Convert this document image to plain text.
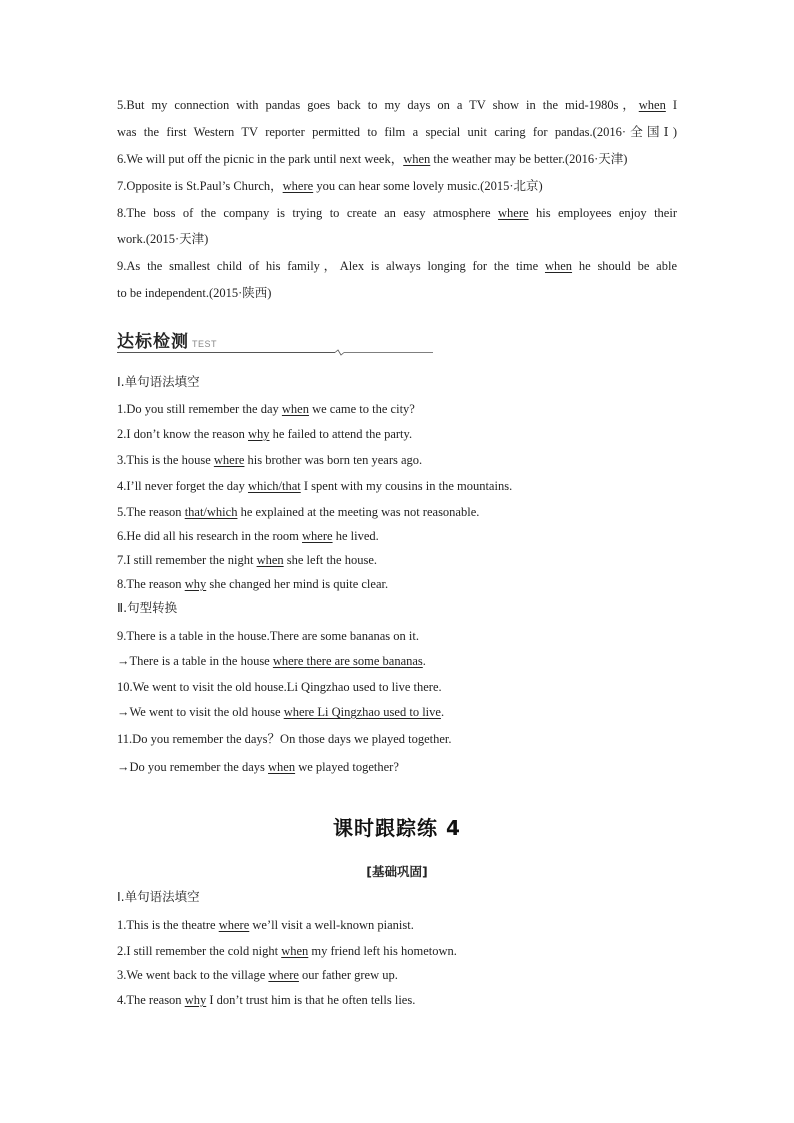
5.But my connection with pandas goes back to my days on a TV show in the mid-1980s，when I
was the first Western TV reporter permitted to film a special unit caring for pandas.(2016·全国Ⅰ)
6.We will put off the picnic in the park until next week，when the weather may be better.(2016·天津)
7.Opposite is St.Paul’s Church，where you can hear some lovely music.(2015·北京)
8.The boss of the company is trying to create an easy atmosphere where his employees enjoy their
work.(2015·天津)
9.As the smallest child of his family，Alex is always longing for the time when he should be able
to be independent.(2015·陕西)
达标检测 TEST
Ⅰ.单句语法填空
1.Do you still remember the day when we came to the city?
2.I don’t know the reason why he failed to attend the party.
3.This is the house where his brother was born ten years ago.
4.I’ll never forget the day which/that I spent with my cousins in the mountains.
5.The reason that/which he explained at the meeting was not reasonable.
6.He did all his research in the room where he lived.
7.I still remember the night when she left the house.
8.The reason why she changed her mind is quite clear.
Ⅱ.句型转换
9.There is a table in the house.There are some bananas on it.
→There is a table in the house where there are some bananas.
10.We went to visit the old house.Li Qingzhao used to live there.
→We went to visit the old house where Li Qingzhao used to live.
11.Do you remember the days？On those days we played together.
→Do you remember the days when we played together?
课时跟踪练 4
[基础巩固]
Ⅰ.单句语法填空
1.This is the theatre where we’ll visit a well-known pianist.
2.I still remember the cold night when my friend left his hometown.
3.We went back to the village where our father grew up.
4.The reason why I don’t trust him is that he often tells lies.
